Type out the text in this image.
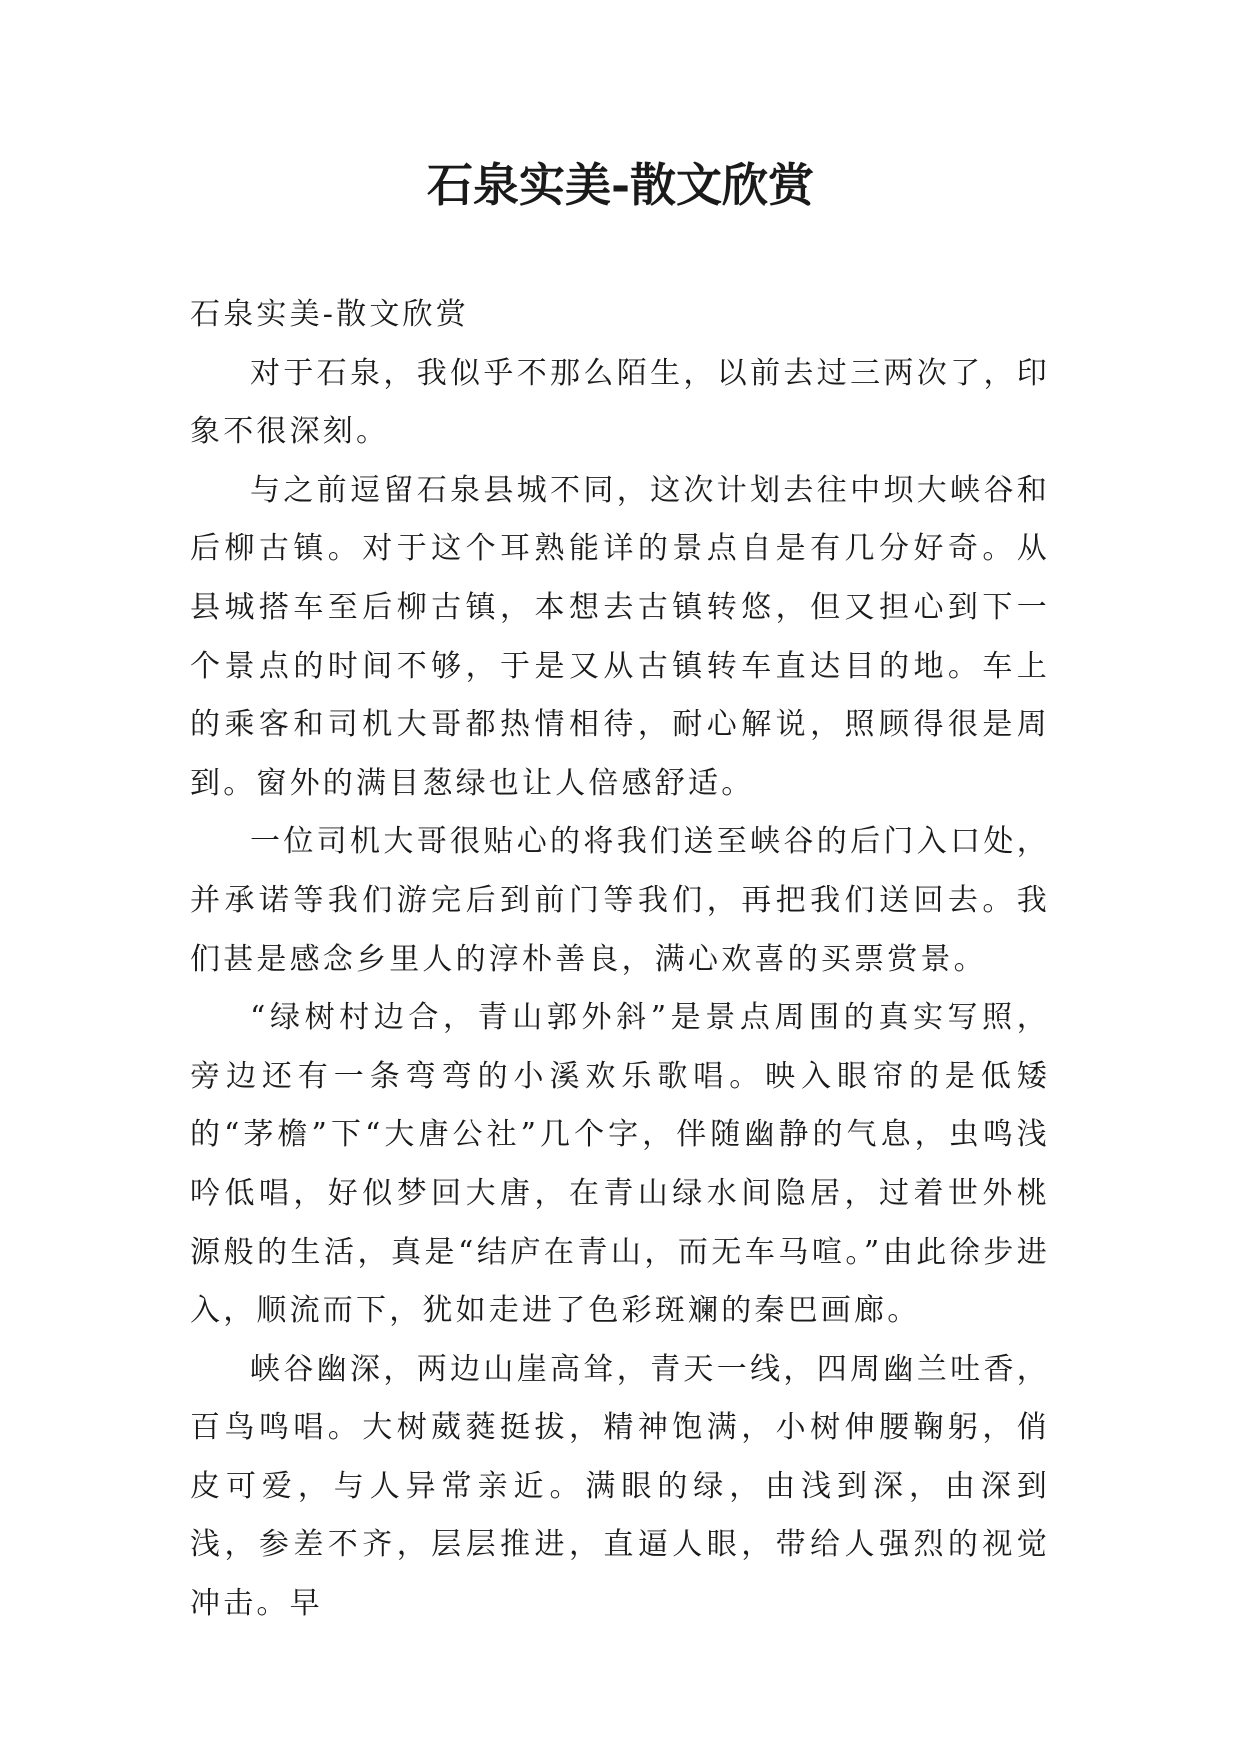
石泉实美-散文欣赏

石泉实美-散文欣赏

对于石泉，我似乎不那么陌生，以前去过三两次了，印象不很深刻。

与之前逗留石泉县城不同，这次计划去往中坝大峡谷和后柳古镇。对于这个耳熟能详的景点自是有几分好奇。从县城搭车至后柳古镇，本想去古镇转悠，但又担心到下一个景点的时间不够，于是又从古镇转车直达目的地。车上的乘客和司机大哥都热情相待，耐心解说，照顾得很是周到。窗外的满目葱绿也让人倍感舒适。

一位司机大哥很贴心的将我们送至峡谷的后门入口处，并承诺等我们游完后到前门等我们，再把我们送回去。我们甚是感念乡里人的淳朴善良，满心欢喜的买票赏景。

“绿树村边合，青山郭外斜”是景点周围的真实写照，旁边还有一条弯弯的小溪欢乐歌唱。映入眼帘的是低矮的“茅檐”下“大唐公社”几个字，伴随幽静的气息，虫鸣浅吟低唱，好似梦回大唐，在青山绿水间隐居，过着世外桃源般的生活，真是“结庐在青山，而无车马喧。”由此徐步进入，顺流而下，犹如走进了色彩斑斓的秦巴画廊。

峡谷幽深，两边山崖高耸，青天一线，四周幽兰吐香，百鸟鸣唱。大树葳蕤挺拔，精神饱满，小树伸腰鞠躬，俏皮可爱，与人异常亲近。满眼的绿，由浅到深，由深到浅，参差不齐，层层推进，直逼人眼，带给人强烈的视觉冲击。早
